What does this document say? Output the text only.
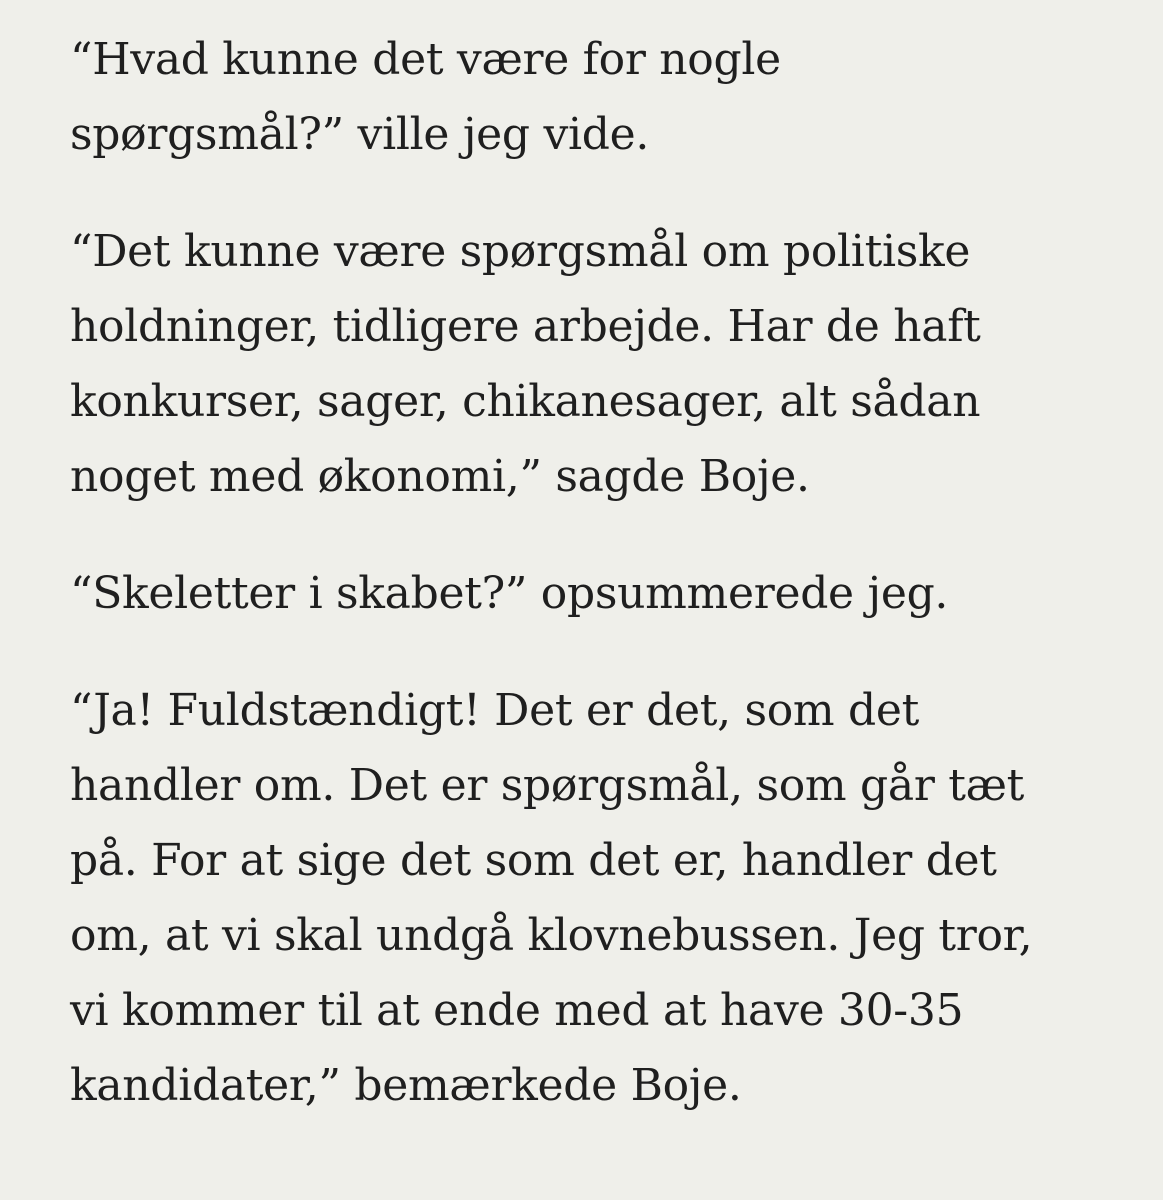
“Hvad kunne det være for nogle
spørgsmål?” ville jeg vide.

“Det kunne være spørgsmål om politiske
holdninger, tidligere arbejde. Har de haft
konkurser, sager, chikanesager, alt sådan
noget med økonomi,” sagde Boje.

“Skeletter i skabet?” opsummerede jeg.

“Ja! Fuldstændigt! Det er det, som det
handler om. Det er spørgsmål, som går tæt
på. For at sige det som det er, handler det
om, at vi skal undgå klovnebussen. Jeg tror,
vi kommer til at ende med at have 30-35
kandidater,” bemærkede Boje.
